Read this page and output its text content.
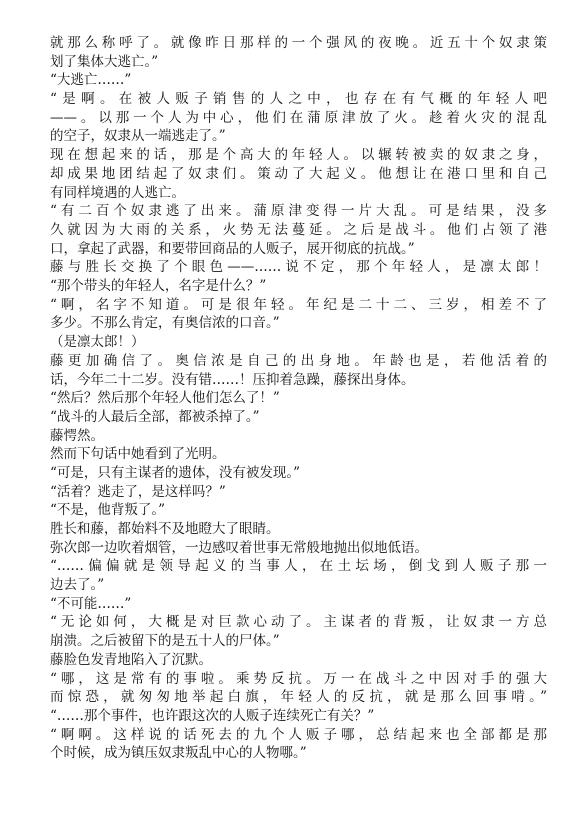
就那么称呼了。就像昨日那样的一个强风的夜晚。近五十个奴隶策
划了集体大逃亡。”
“大逃亡……”
“是啊。在被人贩子销售的人之中，也存在有气概的年轻人吧
——。以那一个人为中心，他们在蒲原津放了火。趁着火灾的混乱
的空子，奴隶从一端逃走了。”
现在想起来的话，那是个高大的年轻人。以辗转被卖的奴隶之身，
却成果地团结起了奴隶们。策动了大起义。他想让在港口里和自己
有同样境遇的人逃亡。
“有二百个奴隶逃了出来。蒲原津变得一片大乱。可是结果，没多
久就因为大雨的关系，火势无法蔓延。之后是战斗。他们占领了港
口，拿起了武器，和要带回商品的人贩子，展开彻底的抗战。”
藤与胜长交换了个眼色——……说不定，那个年轻人，是凛太郎！
“那个带头的年轻人，名字是什么？”
“啊，名字不知道。可是很年轻。年纪是二十二、三岁，相差不了
多少。不那么肯定，有奥信浓的口音。”
（是凛太郎！）
藤更加确信了。奥信浓是自己的出身地。年龄也是，若他活着的
话，今年二十二岁。没有错……！压抑着急躁，藤探出身体。
“然后？然后那个年轻人他们怎么了！”
“战斗的人最后全部，都被杀掉了。”
藤愕然。
然而下句话中她看到了光明。
“可是，只有主谋者的遗体，没有被发现。”
“活着？逃走了，是这样吗？”
“不是，他背叛了。”
胜长和藤，都始料不及地瞪大了眼睛。
弥次郎一边吹着烟管，一边感叹着世事无常般地抛出似地低语。
“……偏偏就是领导起义的当事人，在土坛场，倒戈到人贩子那一
边去了。”
“不可能……”
“无论如何，大概是对巨款心动了。主谋者的背叛，让奴隶一方总
崩溃。之后被留下的是五十人的尸体。”
藤脸色发青地陷入了沉默。
“哪，这是常有的事啦。乘势反抗。万一在战斗之中因对手的强大
而惊恐，就匆匆地举起白旗，年轻人的反抗，就是那么回事啃。”
“……那个事件，也许跟这次的人贩子连续死亡有关？”
“啊啊。这样说的话死去的九个人贩子哪，总结起来也全部都是那
个时候，成为镇压奴隶叛乱中心的人物哪。”
